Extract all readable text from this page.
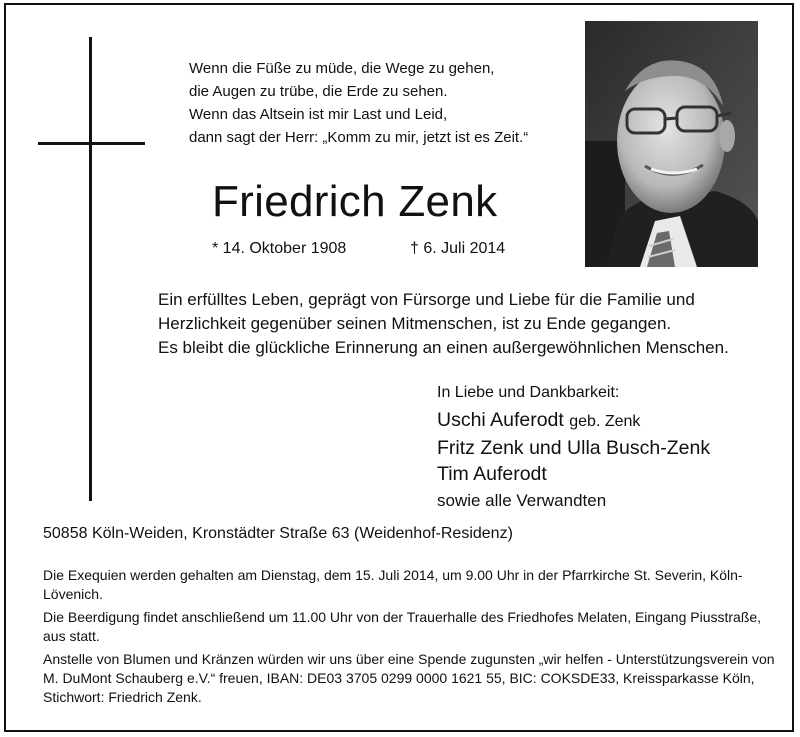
Wenn die Füße zu müde, die Wege zu gehen,
die Augen zu trübe, die Erde zu sehen.
Wenn das Altsein ist mir Last und Leid,
dann sagt der Herr: „Komm zu mir, jetzt ist es Zeit.“
Friedrich Zenk
* 14. Oktober 1908	† 6. Juli 2014
Ein erfülltes Leben, geprägt von Fürsorge und Liebe für die Familie und
Herzlichkeit gegenüber seinen Mitmenschen, ist zu Ende gegangen.
Es bleibt die glückliche Erinnerung an einen außergewöhnlichen Menschen.
In Liebe und Dankbarkeit:
Uschi Auferodt geb. Zenk
Fritz Zenk und Ulla Busch-Zenk
Tim Auferodt
sowie alle Verwandten
50858 Köln-Weiden, Kronstädter Straße 63 (Weidenhof-Residenz)

Die Exequien werden gehalten am Dienstag, dem 15. Juli 2014, um 9.00 Uhr in der Pfarrkirche St. Severin, Köln-Lövenich.

Die Beerdigung findet anschließend um 11.00 Uhr von der Trauerhalle des Friedhofes Melaten, Eingang Piusstraße, aus statt.

Anstelle von Blumen und Kränzen würden wir uns über eine Spende zugunsten „wir helfen - Unterstützungsverein von M. DuMont Schauberg e.V.“ freuen, IBAN: DE03 3705 0299 0000 1621 55, BIC: COKSDE33, Kreissparkasse Köln, Stichwort: Friedrich Zenk.
